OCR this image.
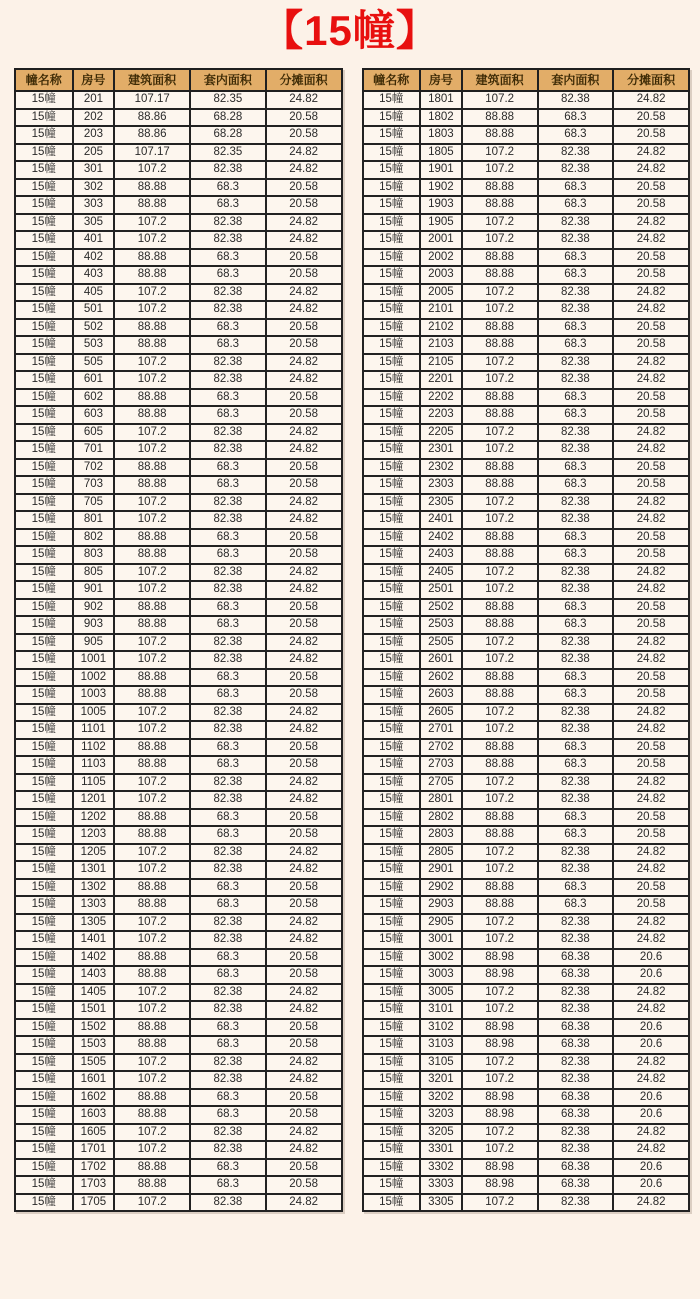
【15幢】
幢名称	房号	建筑面积	套内面积	分摊面积
15幢	201	107.17	82.35	24.82
15幢	202	88.86	68.28	20.58
15幢	203	88.86	68.28	20.58
15幢	205	107.17	82.35	24.82
15幢	301	107.2	82.38	24.82
15幢	302	88.88	68.3	20.58
15幢	303	88.88	68.3	20.58
15幢	305	107.2	82.38	24.82
15幢	401	107.2	82.38	24.82
15幢	402	88.88	68.3	20.58
15幢	403	88.88	68.3	20.58
15幢	405	107.2	82.38	24.82
15幢	501	107.2	82.38	24.82
15幢	502	88.88	68.3	20.58
15幢	503	88.88	68.3	20.58
15幢	505	107.2	82.38	24.82
15幢	601	107.2	82.38	24.82
15幢	602	88.88	68.3	20.58
15幢	603	88.88	68.3	20.58
15幢	605	107.2	82.38	24.82
15幢	701	107.2	82.38	24.82
15幢	702	88.88	68.3	20.58
15幢	703	88.88	68.3	20.58
15幢	705	107.2	82.38	24.82
15幢	801	107.2	82.38	24.82
15幢	802	88.88	68.3	20.58
15幢	803	88.88	68.3	20.58
15幢	805	107.2	82.38	24.82
15幢	901	107.2	82.38	24.82
15幢	902	88.88	68.3	20.58
15幢	903	88.88	68.3	20.58
15幢	905	107.2	82.38	24.82
15幢	1001	107.2	82.38	24.82
15幢	1002	88.88	68.3	20.58
15幢	1003	88.88	68.3	20.58
15幢	1005	107.2	82.38	24.82
15幢	1101	107.2	82.38	24.82
15幢	1102	88.88	68.3	20.58
15幢	1103	88.88	68.3	20.58
15幢	1105	107.2	82.38	24.82
15幢	1201	107.2	82.38	24.82
15幢	1202	88.88	68.3	20.58
15幢	1203	88.88	68.3	20.58
15幢	1205	107.2	82.38	24.82
15幢	1301	107.2	82.38	24.82
15幢	1302	88.88	68.3	20.58
15幢	1303	88.88	68.3	20.58
15幢	1305	107.2	82.38	24.82
15幢	1401	107.2	82.38	24.82
15幢	1402	88.88	68.3	20.58
15幢	1403	88.88	68.3	20.58
15幢	1405	107.2	82.38	24.82
15幢	1501	107.2	82.38	24.82
15幢	1502	88.88	68.3	20.58
15幢	1503	88.88	68.3	20.58
15幢	1505	107.2	82.38	24.82
15幢	1601	107.2	82.38	24.82
15幢	1602	88.88	68.3	20.58
15幢	1603	88.88	68.3	20.58
15幢	1605	107.2	82.38	24.82
15幢	1701	107.2	82.38	24.82
15幢	1702	88.88	68.3	20.58
15幢	1703	88.88	68.3	20.58
15幢	1705	107.2	82.38	24.82
幢名称	房号	建筑面积	套内面积	分摊面积
15幢	1801	107.2	82.38	24.82
15幢	1802	88.88	68.3	20.58
15幢	1803	88.88	68.3	20.58
15幢	1805	107.2	82.38	24.82
15幢	1901	107.2	82.38	24.82
15幢	1902	88.88	68.3	20.58
15幢	1903	88.88	68.3	20.58
15幢	1905	107.2	82.38	24.82
15幢	2001	107.2	82.38	24.82
15幢	2002	88.88	68.3	20.58
15幢	2003	88.88	68.3	20.58
15幢	2005	107.2	82.38	24.82
15幢	2101	107.2	82.38	24.82
15幢	2102	88.88	68.3	20.58
15幢	2103	88.88	68.3	20.58
15幢	2105	107.2	82.38	24.82
15幢	2201	107.2	82.38	24.82
15幢	2202	88.88	68.3	20.58
15幢	2203	88.88	68.3	20.58
15幢	2205	107.2	82.38	24.82
15幢	2301	107.2	82.38	24.82
15幢	2302	88.88	68.3	20.58
15幢	2303	88.88	68.3	20.58
15幢	2305	107.2	82.38	24.82
15幢	2401	107.2	82.38	24.82
15幢	2402	88.88	68.3	20.58
15幢	2403	88.88	68.3	20.58
15幢	2405	107.2	82.38	24.82
15幢	2501	107.2	82.38	24.82
15幢	2502	88.88	68.3	20.58
15幢	2503	88.88	68.3	20.58
15幢	2505	107.2	82.38	24.82
15幢	2601	107.2	82.38	24.82
15幢	2602	88.88	68.3	20.58
15幢	2603	88.88	68.3	20.58
15幢	2605	107.2	82.38	24.82
15幢	2701	107.2	82.38	24.82
15幢	2702	88.88	68.3	20.58
15幢	2703	88.88	68.3	20.58
15幢	2705	107.2	82.38	24.82
15幢	2801	107.2	82.38	24.82
15幢	2802	88.88	68.3	20.58
15幢	2803	88.88	68.3	20.58
15幢	2805	107.2	82.38	24.82
15幢	2901	107.2	82.38	24.82
15幢	2902	88.88	68.3	20.58
15幢	2903	88.88	68.3	20.58
15幢	2905	107.2	82.38	24.82
15幢	3001	107.2	82.38	24.82
15幢	3002	88.98	68.38	20.6
15幢	3003	88.98	68.38	20.6
15幢	3005	107.2	82.38	24.82
15幢	3101	107.2	82.38	24.82
15幢	3102	88.98	68.38	20.6
15幢	3103	88.98	68.38	20.6
15幢	3105	107.2	82.38	24.82
15幢	3201	107.2	82.38	24.82
15幢	3202	88.98	68.38	20.6
15幢	3203	88.98	68.38	20.6
15幢	3205	107.2	82.38	24.82
15幢	3301	107.2	82.38	24.82
15幢	3302	88.98	68.38	20.6
15幢	3303	88.98	68.38	20.6
15幢	3305	107.2	82.38	24.82
